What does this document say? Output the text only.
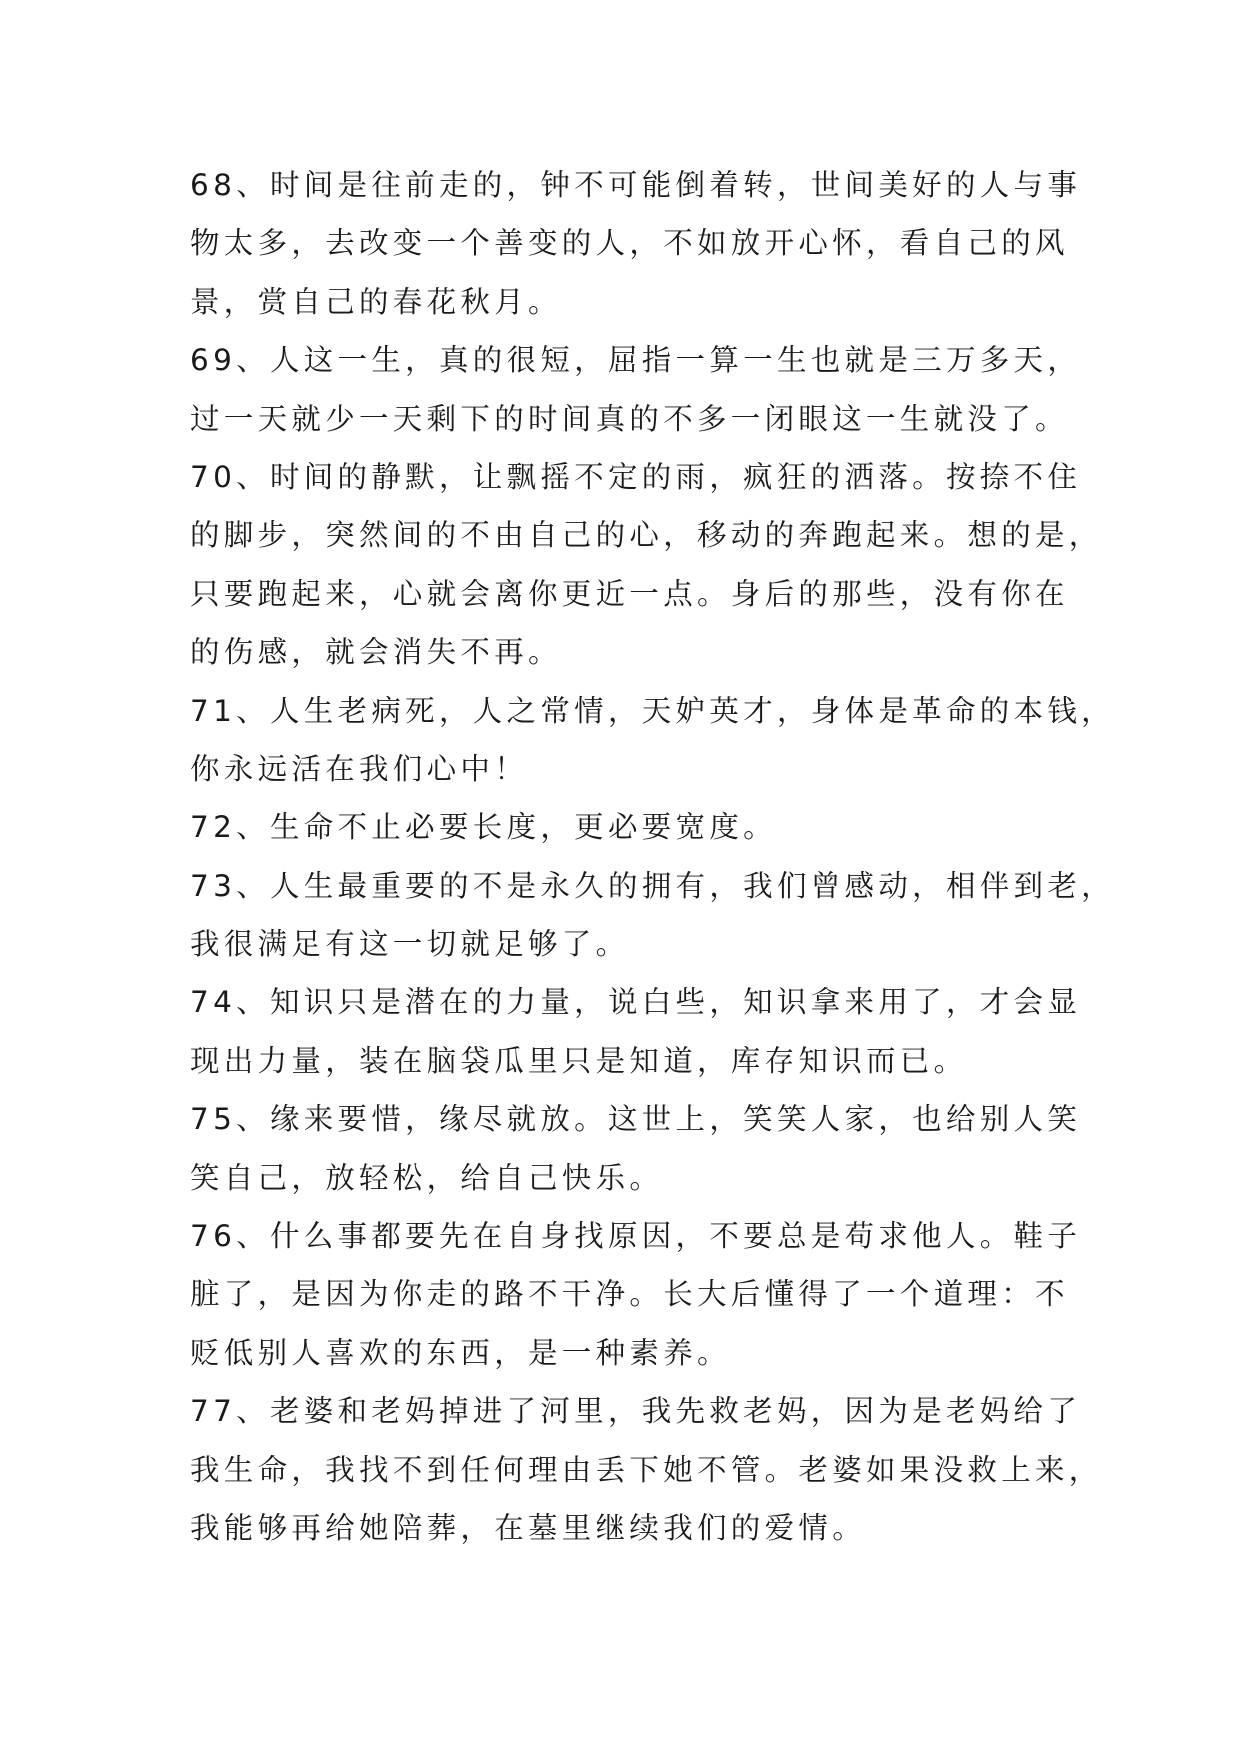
68、时间是往前走的，钟不可能倒着转，世间美好的人与事
物太多，去改变一个善变的人，不如放开心怀，看自己的风
景，赏自己的春花秋月。
69、人这一生，真的很短，屈指一算一生也就是三万多天，
过一天就少一天剩下的时间真的不多一闭眼这一生就没了。
70、时间的静默，让飘摇不定的雨，疯狂的洒落。按捺不住
的脚步，突然间的不由自己的心，移动的奔跑起来。想的是，
只要跑起来，心就会离你更近一点。身后的那些，没有你在
的伤感，就会消失不再。
71、人生老病死，人之常情，天妒英才，身体是革命的本钱，
你永远活在我们心中！
72、生命不止必要长度，更必要宽度。
73、人生最重要的不是永久的拥有，我们曾感动，相伴到老，
我很满足有这一切就足够了。
74、知识只是潜在的力量，说白些，知识拿来用了，才会显
现出力量，装在脑袋瓜里只是知道，库存知识而已。
75、缘来要惜，缘尽就放。这世上，笑笑人家，也给别人笑
笑自己，放轻松，给自己快乐。
76、什么事都要先在自身找原因，不要总是苟求他人。鞋子
脏了，是因为你走的路不干净。长大后懂得了一个道理：不
贬低别人喜欢的东西，是一种素养。
77、老婆和老妈掉进了河里，我先救老妈，因为是老妈给了
我生命，我找不到任何理由丢下她不管。老婆如果没救上来，
我能够再给她陪葬，在墓里继续我们的爱情。
